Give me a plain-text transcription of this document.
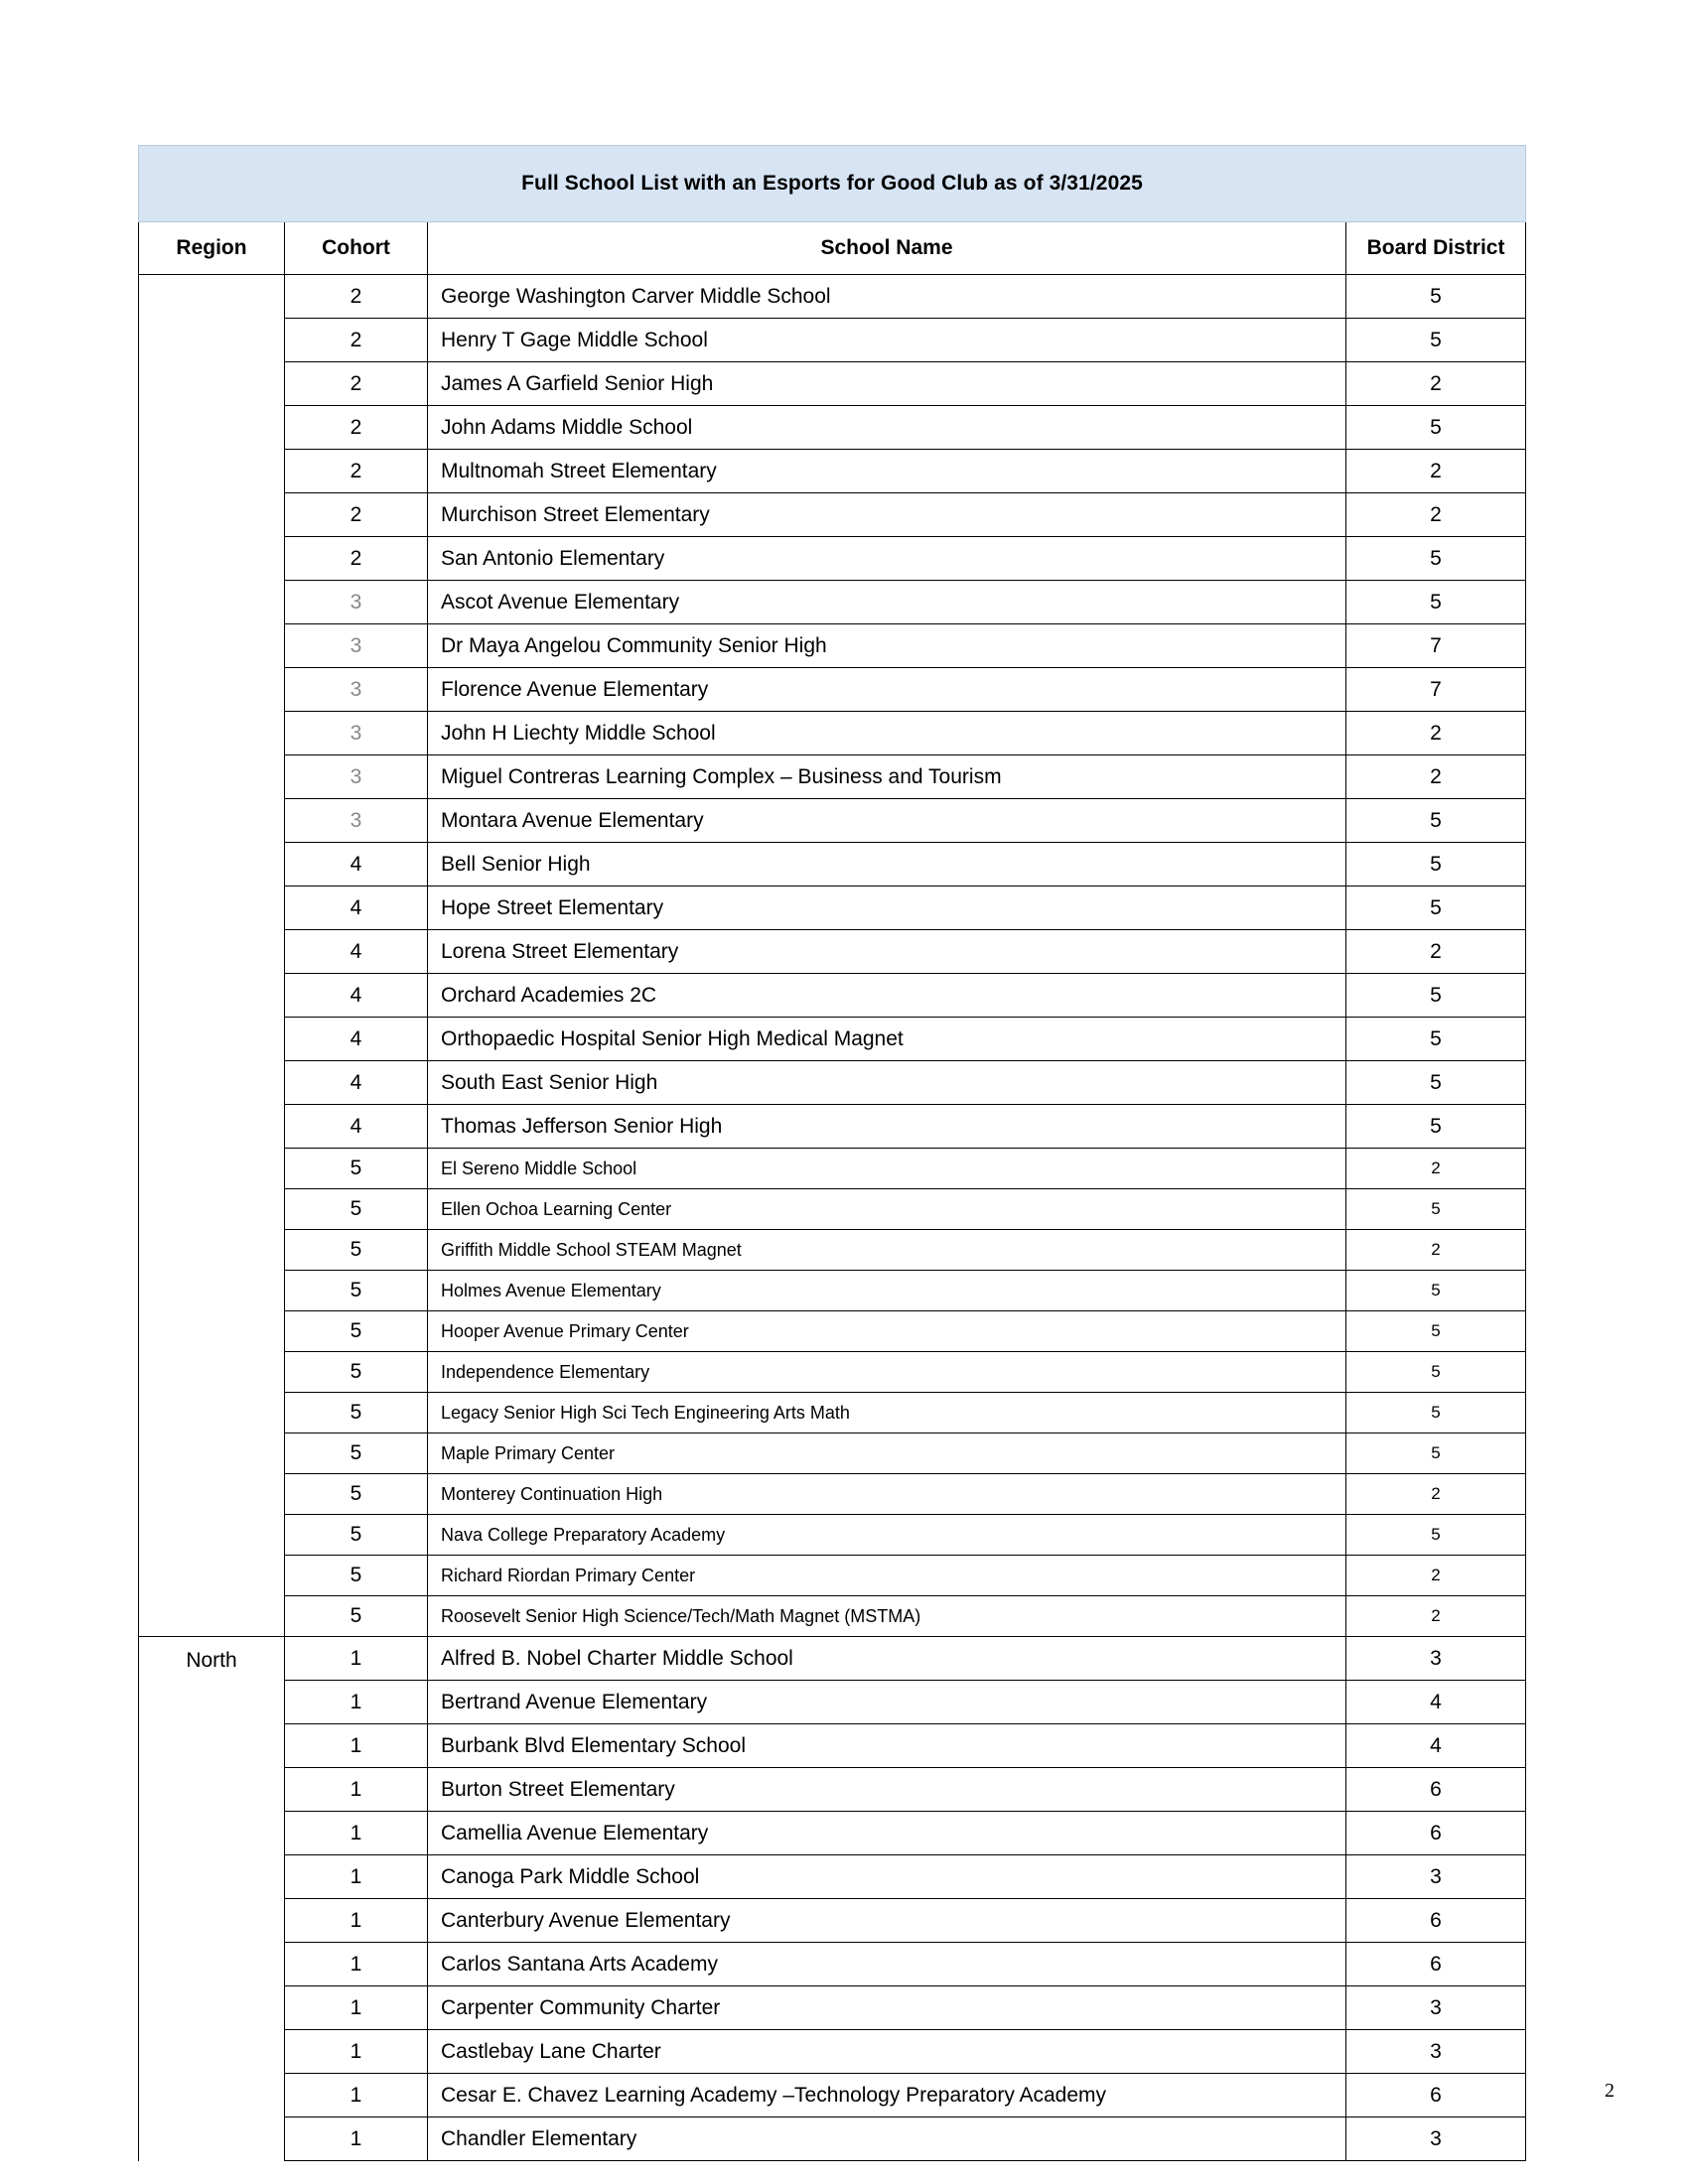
Full School List with an Esports for Good Club as of 3/31/2025			
Region	Cohort	School Name	Board District
	2	George Washington Carver Middle School	5
	2	Henry T Gage Middle School	5
	2	James A Garfield Senior High	2
	2	John Adams Middle School	5
	2	Multnomah Street Elementary	2
	2	Murchison Street Elementary	2
	2	San Antonio Elementary	5
	3	Ascot Avenue Elementary	5
	3	Dr Maya Angelou Community Senior High	7
	3	Florence Avenue Elementary	7
	3	John H Liechty Middle School	2
	3	Miguel Contreras Learning Complex – Business and Tourism	2
	3	Montara Avenue Elementary	5
	4	Bell Senior High	5
	4	Hope Street Elementary	5
	4	Lorena Street Elementary	2
	4	Orchard Academies 2C	5
	4	Orthopaedic Hospital Senior High Medical Magnet	5
	4	South East Senior High	5
	4	Thomas Jefferson Senior High	5
	5	El Sereno Middle School	2
	5	Ellen Ochoa Learning Center	5
	5	Griffith Middle School STEAM Magnet	2
	5	Holmes Avenue Elementary	5
	5	Hooper Avenue Primary Center	5
	5	Independence Elementary	5
	5	Legacy Senior High Sci Tech Engineering Arts Math	5
	5	Maple Primary Center	5
	5	Monterey Continuation High	2
	5	Nava College Preparatory Academy	5
	5	Richard Riordan Primary Center	2
	5	Roosevelt Senior High Science/Tech/Math Magnet (MSTMA)	2
North	1	Alfred B. Nobel Charter Middle School	3
	1	Bertrand Avenue Elementary	4
	1	Burbank Blvd Elementary School	4
	1	Burton Street Elementary	6
	1	Camellia Avenue Elementary	6
	1	Canoga Park Middle School	3
	1	Canterbury Avenue Elementary	6
	1	Carlos Santana Arts Academy	6
	1	Carpenter Community Charter	3
	1	Castlebay Lane Charter	3
	1	Cesar E. Chavez Learning Academy –Technology Preparatory Academy	6
	1	Chandler Elementary	3
2
